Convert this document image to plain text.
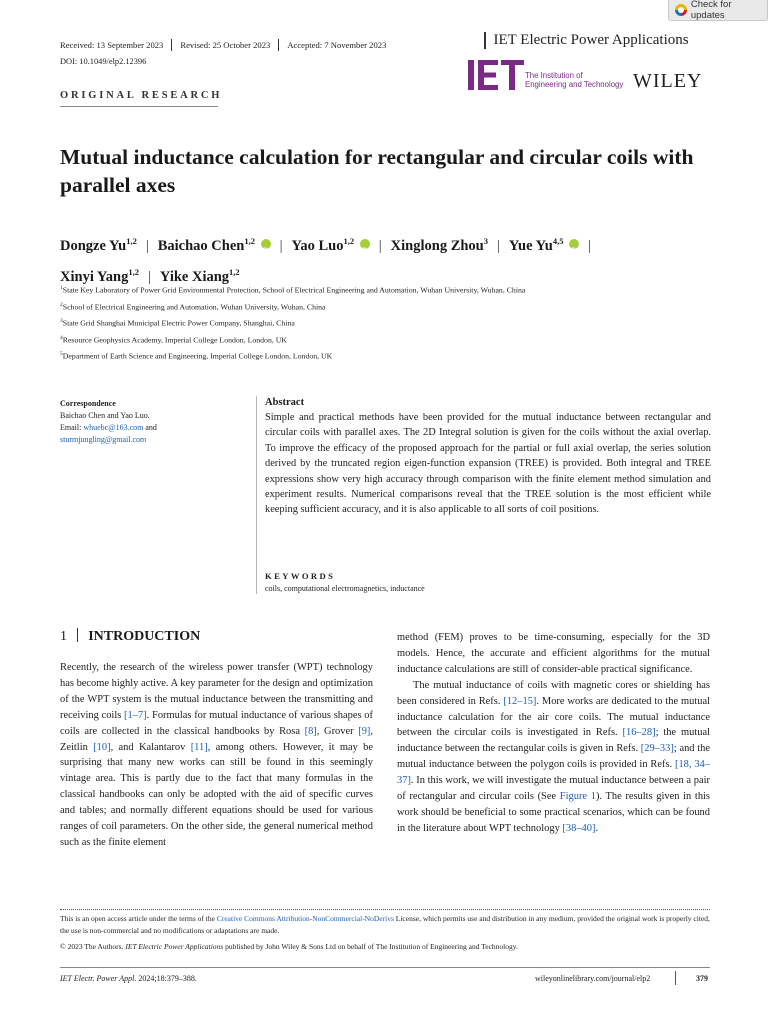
Check for updates
Received: 13 September 2023 Revised: 25 October 2023 Accepted: 7 November 2023	IET Electric Power Applications
DOI: 10.1049/elp2.12396
The Institution of
Engineering and Technology WILEY
ORIGINAL RESEARCH
Mutual inductance calculation for rectangular and circular coils with parallel axes
Dongze Yu$^{1,2}$ | Baichao Chen$^{1,2}$ iD | Yao Luo$^{1,2}$ iD | Xinglong Zhou$^3$ | Yue Yu$^{4,5}$ iD |
Xinyi Yang$^{1,2}$ | Yike Xiang$^{1,2}$
$^1$State Key Laboratory of Power Grid Environmental Protection, School of Electrical Engineering and Automation, Wuhan University, Wuhan, China
$^2$School of Electrical Engineering and Automation, Wuhan University, Wuhan, China
$^3$State Grid Shanghai Municipal Electric Power Company, Shanghai, China
$^4$Resource Geophysics Academy, Imperial College London, London, UK
$^5$Department of Earth Science and Engineering, Imperial College London, London, UK
Correspondence
Baichao Chen and Yao Luo.
Email: whuebc@163.com and
sturmjungling@gmail.com
Abstract

Simple and practical methods have been provided for the mutual inductance between rectangular and circular coils with parallel axes. The 2D Integral solution is given for the coils without the axial overlap. To improve the efficacy of the proposed approach for the partial or full axial overlap, the series solution derived by the truncated region eigen-function expansion (TREE) is provided. Both integral and TREE expressions show very high accuracy through comparison with the finite element method simulation and experiment results. Numerical comparisons reveal that the TREE solution is the most efficient while keeping sufficient accuracy, and it is also applicable to all sorts of coil positions.

KEYWORDS
coils, computational electromagnetics, inductance
1 INTRODUCTION

Recently, the research of the wireless power transfer (WPT) technology has become highly active. A key parameter for the design and optimization of the WPT system is the mutual inductance between the transmitting and receiving coils [1–7]. Formulas for mutual inductance of various shapes of coils are collected in the classical handbooks by Rosa [8], Grover [9], Zeitlin [10], and Kalantarov [11], among others. However, it may be surprising that many new works can still be found in this seemingly vintage area. This is partly due to the fact that many formulas in the classical handbooks can only be adopted with the aid of specific curves and tables; and normally different equations should be used for various ranges of coil parameters. On the other side, the general numerical method such as the finite element

method (FEM) proves to be time-consuming, especially for the 3D models. Hence, the accurate and efficient algorithms for the mutual inductance calculations are still of consider-able practical significance.

The mutual inductance of coils with magnetic cores or shielding has been considered in Refs. [12–15]. More works are dedicated to the mutual inductance calculation for the air core coils. The mutual inductance between the circular coils is investigated in Refs. [16–28]; the mutual inductance between the rectangular coils is given in Refs. [29–33]; and the mutual inductance between the polygon coils is provided in Refs. [18, 34–37]. In this work, we will investigate the mutual inductance between a pair of rectangular and circular coils (See Figure 1). The results given in this work should be beneficial to some practical scenarios, which can be found in the literature about WPT technology [38–40].

This is an open access article under the terms of the Creative Commons Attribution-NonCommercial-NoDerivs License, which permits use and distribution in any medium, provided the original work is properly cited, the use is non-commercial and no modifications or adaptations are made.
© 2023 The Authors. IET Electric Power Applications published by John Wiley & Sons Ltd on behalf of The Institution of Engineering and Technology.
IET Electr. Power Appl. 2024;18:379–388.	wileyonlinelibrary.com/journal/elp2	379
